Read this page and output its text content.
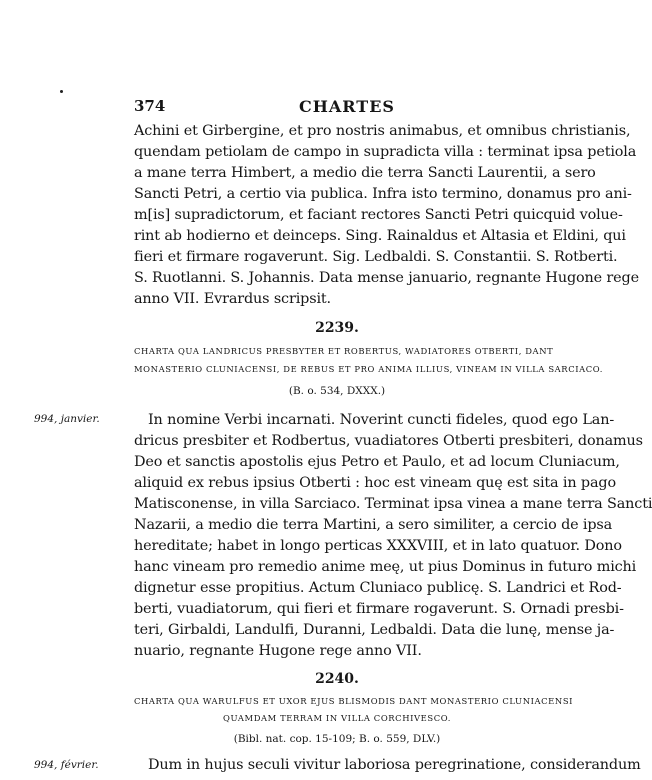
374	CHARTES
Achini et Girbergine, et pro nostris animabus, et omnibus christianis,
quendam petiolam de campo in supradicta villa : terminat ipsa petiola
a mane terra Himbert, a medio die terra Sancti Laurentii, a sero
Sancti Petri, a certio via publica. Infra isto termino, donamus pro ani-
m[is] supradictorum, et faciant rectores Sancti Petri quicquid volue-
rint ab hodierno et deinceps. Sing. Rainaldus et Altasia et Eldini, qui
fieri et firmare rogaverunt. Sig. Ledbaldi. S. Constantii. S. Rotberti.
S. Ruotlanni. S. Johannis. Data mense januario, regnante Hugone rege
anno VII. Evrardus scripsit.
2239.
CHARTA QUA LANDRICUS PRESBYTER ET ROBERTUS, WADIATORES OTBERTI, DANT
MONASTERIO CLUNIACENSI, DE REBUS ET PRO ANIMA ILLIUS, VINEAM IN VILLA SARCIACO.
(B. o. 534, DXXX.)
994, janvier.	In nomine Verbi incarnati. Noverint cuncti fideles, quod ego Lan-
dricus presbiter et Rodbertus, vuadiatores Otberti presbiteri, donamus
Deo et sanctis apostolis ejus Petro et Paulo, et ad locum Cluniacum,
aliquid ex rebus ipsius Otberti : hoc est vineam quę est sita in pago
Matisconense, in villa Sarciaco. Terminat ipsa vinea a mane terra Sancti
Nazarii, a medio die terra Martini, a sero similiter, a cercio de ipsa
hereditate; habet in longo perticas XXXVIII, et in lato quatuor. Dono
hanc vineam pro remedio anime meę, ut pius Dominus in futuro michi
dignetur esse propitius. Actum Cluniaco publicę. S. Landrici et Rod-
berti, vuadiatorum, qui fieri et firmare rogaverunt. S. Ornadi presbi-
teri, Girbaldi, Landulfi, Duranni, Ledbaldi. Data die lunę, mense ja-
nuario, regnante Hugone rege anno VII.
2240.
CHARTA QUA WARULFUS ET UXOR EJUS BLISMODIS DANT MONASTERIO CLUNIACENSI
QUAMDAM TERRAM IN VILLA CORCHIVESCO.
(Bibl. nat. cop. 15-109; B. o. 559, DLV.)
994, février.	Dum in hujus seculi vivitur laboriosa peregrinatione, considerandum
